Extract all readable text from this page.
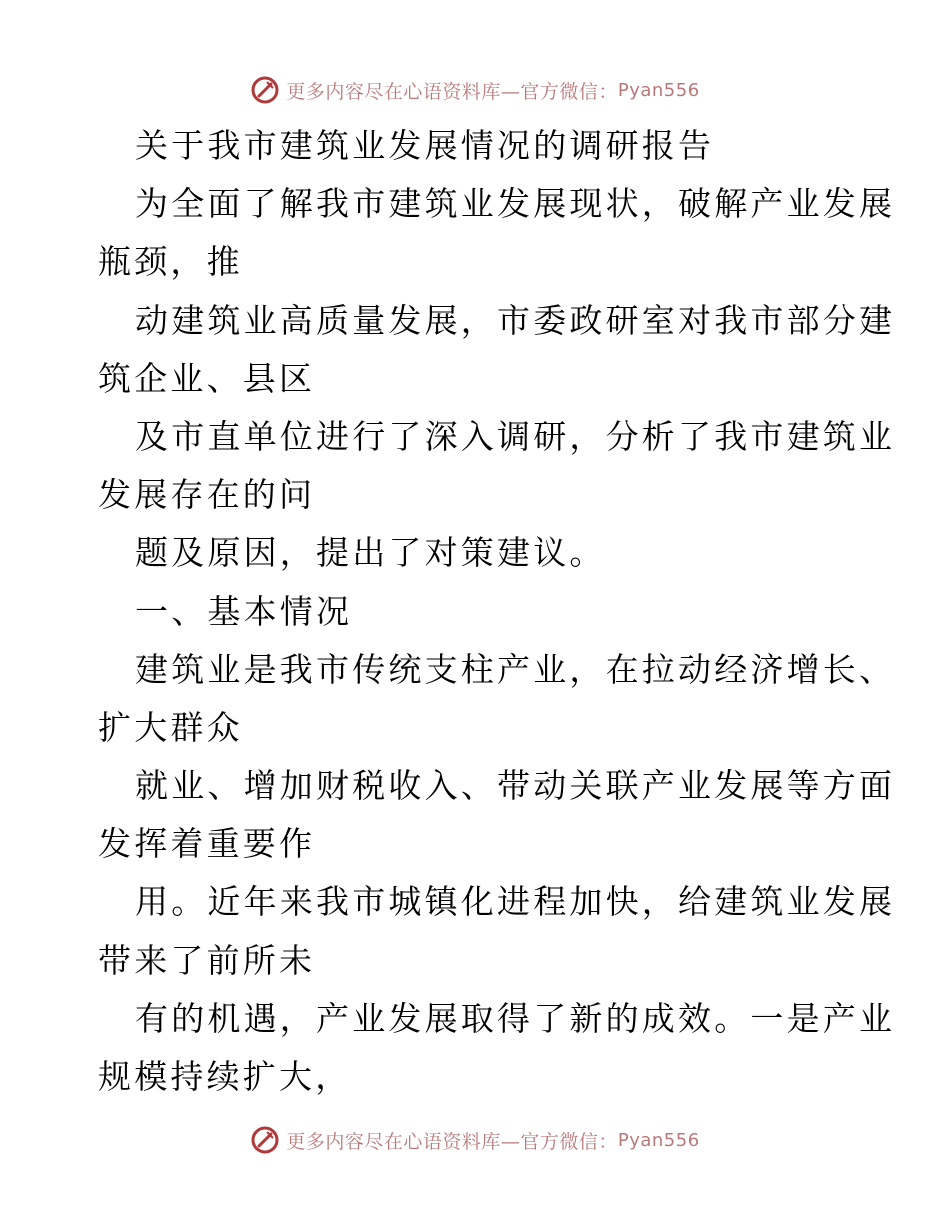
更多内容尽在心语资料库—官方微信： Pyan556
关于我市建筑业发展情况的调研报告
为全面了解我市建筑业发展现状，破解产业发展
瓶颈，推
动建筑业高质量发展，市委政研室对我市部分建
筑企业、县区
及市直单位进行了深入调研，分析了我市建筑业
发展存在的问
题及原因，提出了对策建议。
一、基本情况
建筑业是我市传统支柱产业，在拉动经济增长、
扩大群众
就业、增加财税收入、带动关联产业发展等方面
发挥着重要作
用。近年来我市城镇化进程加快，给建筑业发展
带来了前所未
有的机遇，产业发展取得了新的成效。一是产业
规模持续扩大，
更多内容尽在心语资料库—官方微信： Pyan556
